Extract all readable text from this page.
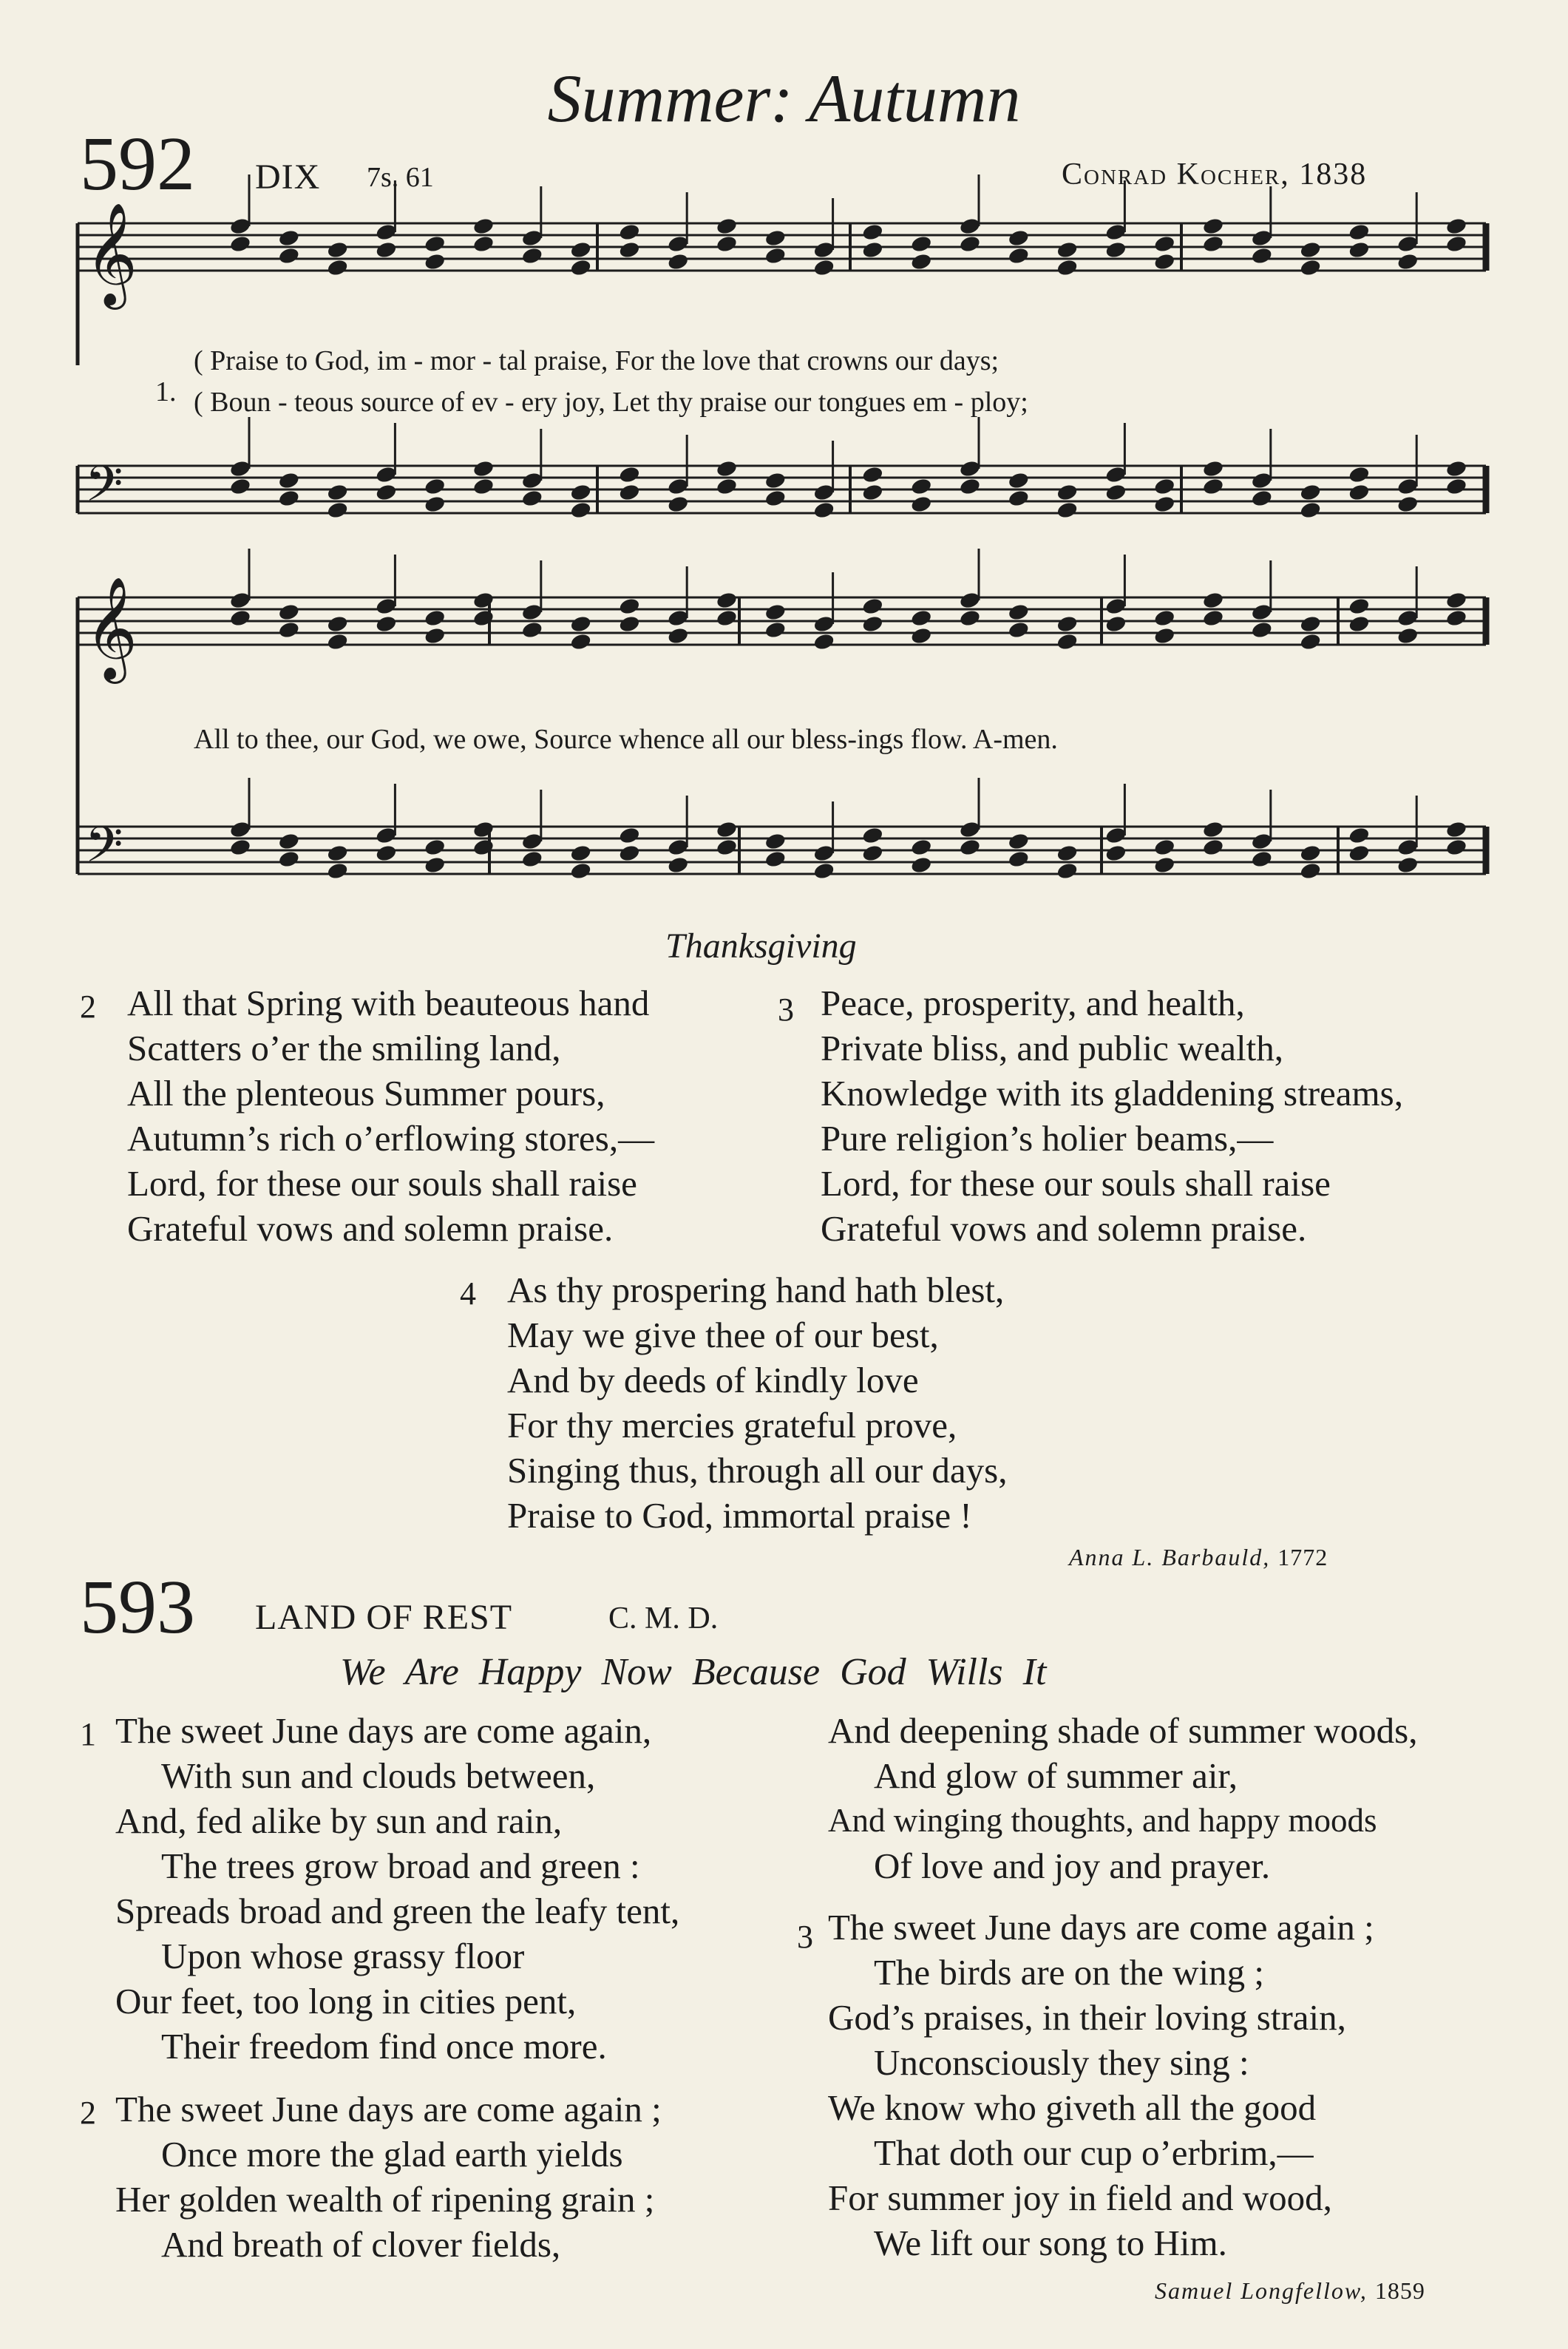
Summer: Autumn
592 DIX 7s. 61	Conrad Kocher, 1838
𝄞
𝄢
𝄞
𝄢
1.
( Praise to God, im - mor - tal praise, For the love that crowns our days;
( Boun - teous source of ev - ery joy, Let thy praise our tongues em - ploy;
All to thee, our God, we owe, Source whence all our bless-ings flow. A-men.
Thanksgiving
2 All that Spring with beauteous hand
Scatters o’er the smiling land,
All the plenteous Summer pours,
Autumn’s rich o’erflowing stores,—
Lord, for these our souls shall raise
Grateful vows and solemn praise.
3 Peace, prosperity, and health,
Private bliss, and public wealth,
Knowledge with its gladdening streams,
Pure religion’s holier beams,—
Lord, for these our souls shall raise
Grateful vows and solemn praise.
4 As thy prospering hand hath blest,
May we give thee of our best,
And by deeds of kindly love
For thy mercies grateful prove,
Singing thus, through all our days,
Praise to God, immortal praise !
Anna L. Barbauld, 1772
593 LAND OF REST	C. M. D.
We Are Happy Now Because God Wills It
1 The sweet June days are come again,
With sun and clouds between,
And, fed alike by sun and rain,
The trees grow broad and green :
Spreads broad and green the leafy tent,
Upon whose grassy floor
Our feet, too long in cities pent,
Their freedom find once more.
2 The sweet June days are come again ;
Once more the glad earth yields
Her golden wealth of ripening grain ;
And breath of clover fields,
And deepening shade of summer woods,
And glow of summer air,
And winging thoughts, and happy moods
Of love and joy and prayer.
3 The sweet June days are come again ;
The birds are on the wing ;
God’s praises, in their loving strain,
Unconsciously they sing :
We know who giveth all the good
That doth our cup o’erbrim,—
For summer joy in field and wood,
We lift our song to Him.
Samuel Longfellow, 1859
